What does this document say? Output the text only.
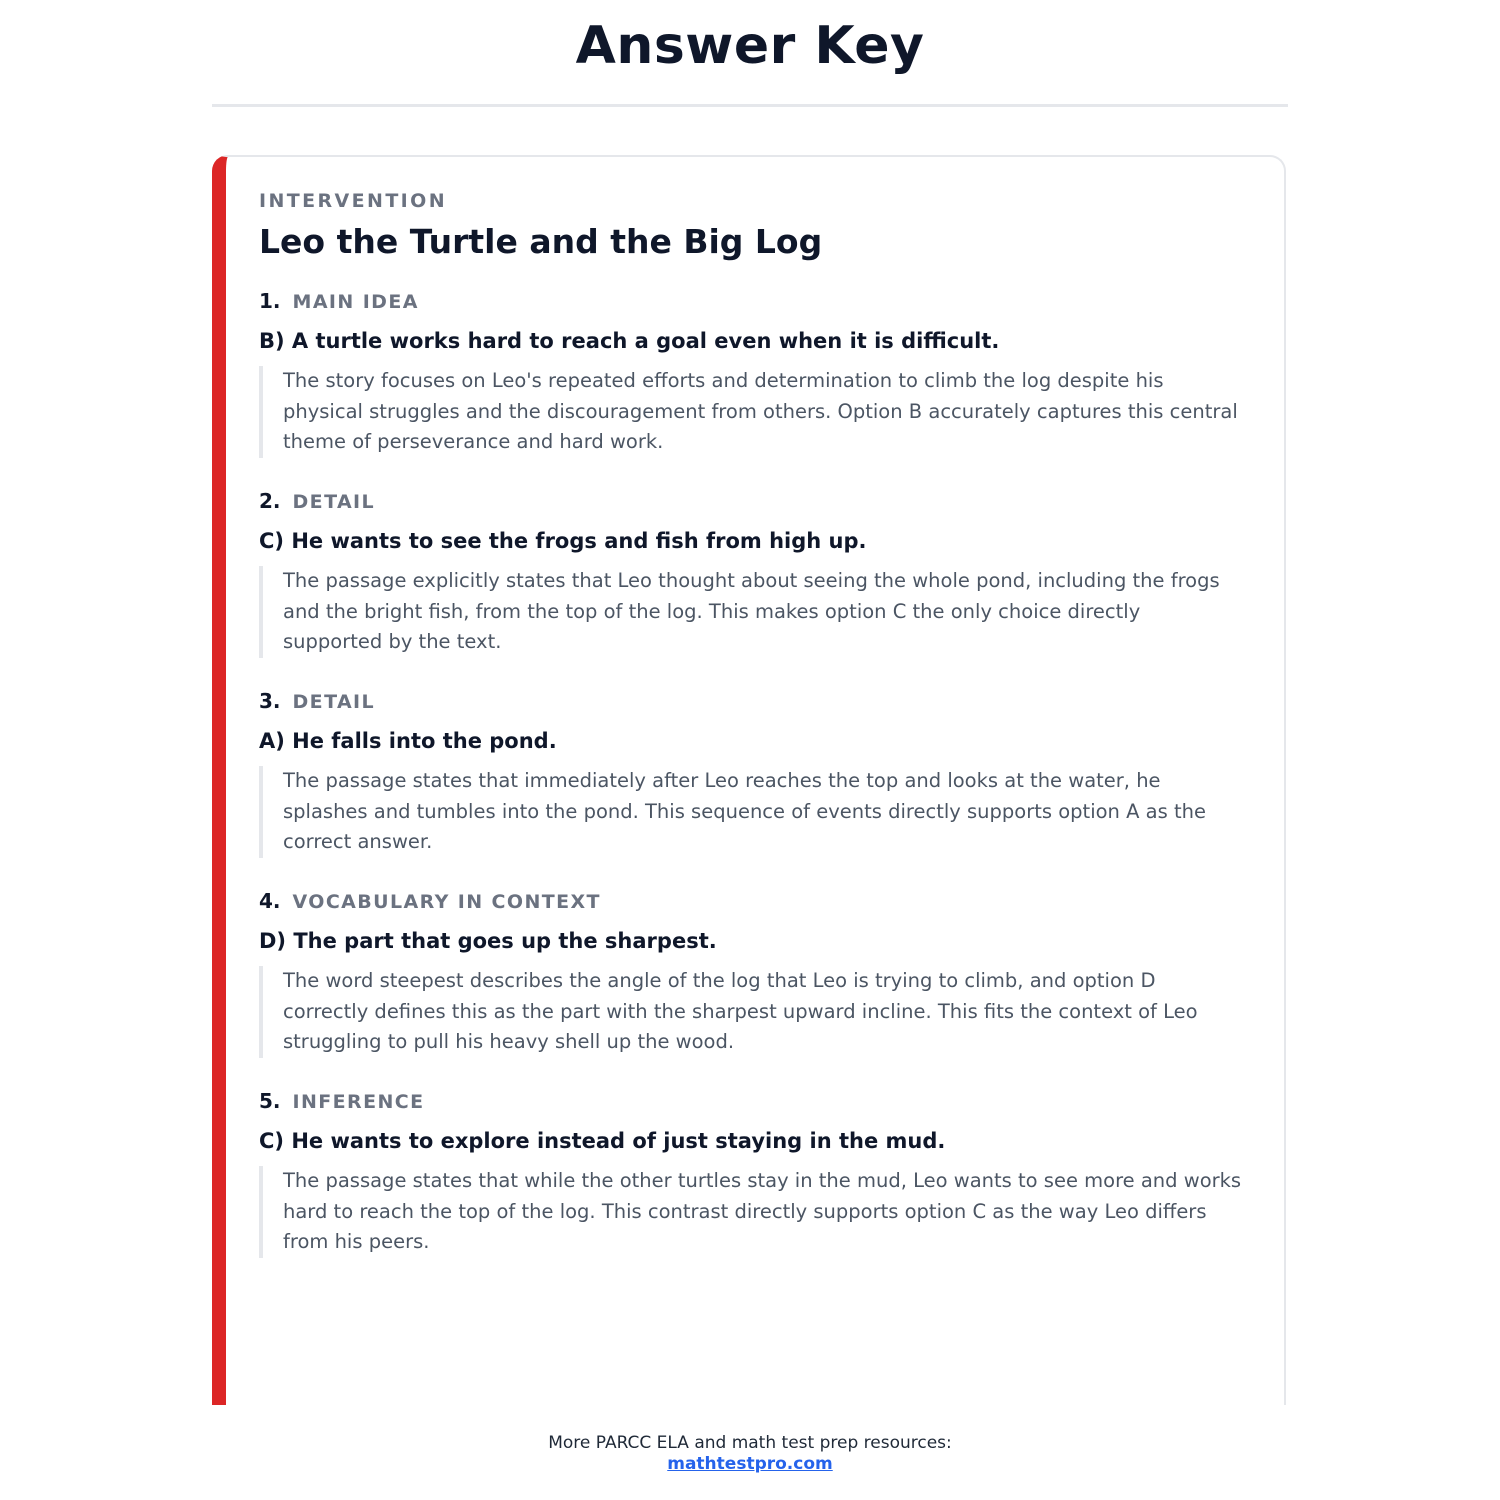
Answer Key
INTERVENTION
Leo the Turtle and the Big Log
1. MAIN IDEA
B) A turtle works hard to reach a goal even when it is difficult.
The story focuses on Leo's repeated efforts and determination to climb the log despite his physical struggles and the discouragement from others. Option B accurately captures this central theme of perseverance and hard work.
2. DETAIL
C) He wants to see the frogs and fish from high up.
The passage explicitly states that Leo thought about seeing the whole pond, including the frogs and the bright fish, from the top of the log. This makes option C the only choice directly supported by the text.
3. DETAIL
A) He falls into the pond.
The passage states that immediately after Leo reaches the top and looks at the water, he splashes and tumbles into the pond. This sequence of events directly supports option A as the correct answer.
4. VOCABULARY IN CONTEXT
D) The part that goes up the sharpest.
The word steepest describes the angle of the log that Leo is trying to climb, and option D correctly defines this as the part with the sharpest upward incline. This fits the context of Leo struggling to pull his heavy shell up the wood.
5. INFERENCE
C) He wants to explore instead of just staying in the mud.
The passage states that while the other turtles stay in the mud, Leo wants to see more and works hard to reach the top of the log. This contrast directly supports option C as the way Leo differs from his peers.
More PARCC ELA and math test prep resources:
mathtestpro.com
